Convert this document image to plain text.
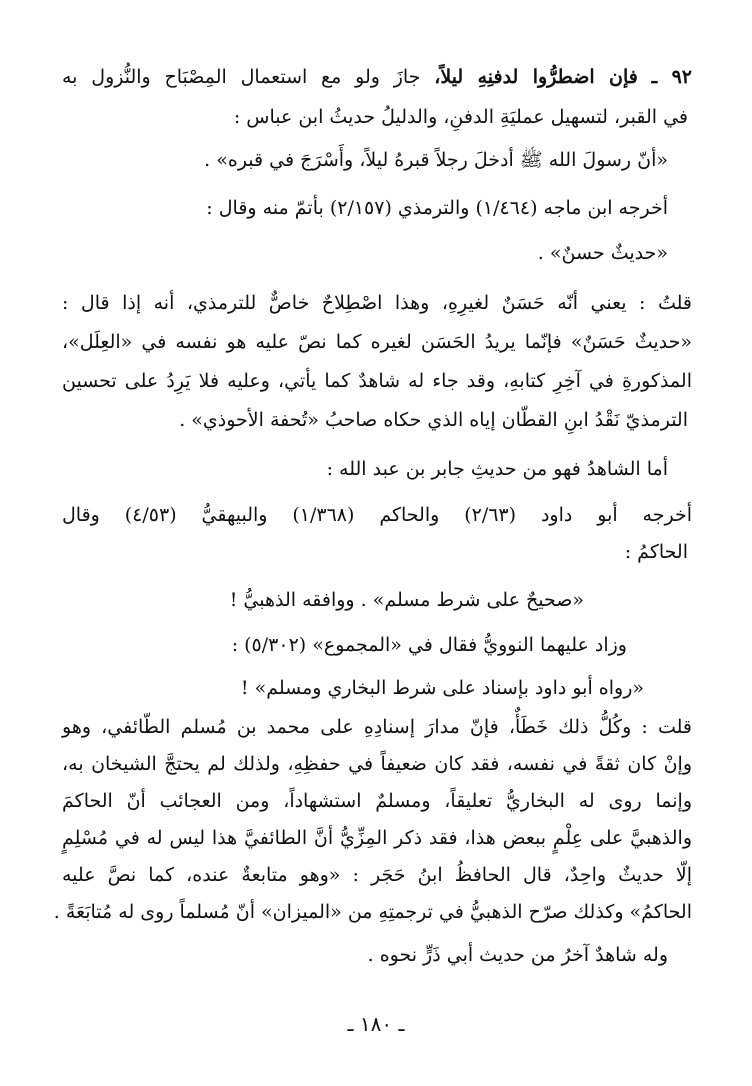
٩٢ ـ فإن اضطرُّوا لدفنِهِ ليلاً، جازَ ولو مع استعمال المِصْبَاح والنُّزول به
في القبر، لتسهيل عمليَةِ الدفنِ، والدليلُ حديثُ ابن عباس :
«أنّ رسولَ الله ﷺ أدخلَ رجلاً قبرهُ ليلاً، وأَسْرَجَ في قبره» .
أخرجه ابن ماجه (١/٤٦٤) والترمذي (٢/١٥٧) بأتمّ منه وقال :
«حديثٌ حسنٌ» .
قلتُ : يعني أنّه حَسَنٌ لغيرِهِ، وهذا اصْطِلاحٌ خاصٌّ للترمذي، أنه إذا قال :
«حديثٌ حَسَنٌ» فإنّما يريدُ الحَسَن لغيره كما نصّ عليه هو نفسه في «العِلَل»،
المذكورةِ في آخِرِ كتابهِ، وقد جاء له شاهدٌ كما يأتي، وعليه فلا يَرِدُ على تحسين
الترمذيّ نَقْدُ ابنِ القطّان إياه الذي حكاه صاحبُ «تُحفة الأحوذي» .
أما الشاهدُ فهو من حديثِ جابر بن عبد الله :
أخرجه أبو داود (٢/٦٣) والحاكم (١/٣٦٨) والبيهقيُّ (٤/٥٣) وقال
الحاكمُ :
«صحيحٌ على شرط مسلم» . ووافقه الذهبيُّ !
وزاد عليهما النوويُّ فقال في «المجموع» (٥/٣٠٢) :
«رواه أبو داود بإسناد على شرط البخاري ومسلم» !
قلت : وكُلُّ ذلك خَطَأٌ، فإنّ مدارَ إسنادِهِ على محمد بن مُسلم الطّائفي، وهو
وإنْ كان ثقةً في نفسه، فقد كان ضعيفاً في حفظِهِ، ولذلك لم يحتجَّ الشيخان به،
وإنما روى له البخاريُّ تعليقاً، ومسلمٌ استشهاداً، ومن العجائب أنّ الحاكمَ
والذهبيَّ على عِلْمٍ ببعض هذا، فقد ذكر المِزِّيُّ أنَّ الطائفيَّ هذا ليس له في مُسْلِمٍ
إلّا حديثٌ واحِدٌ، قال الحافظُ ابنُ حَجَر : «وهو متابعةٌ عنده، كما نصَّ عليه
الحاكمُ» وكذلك صرّح الذهبيُّ في ترجمتِهِ من «الميزان» أنّ مُسلماً روى له مُتابَعَةً .
وله شاهدٌ آخرُ من حديث أبي ذَرٍّ نحوه .
ـ ١٨٠ ـ
